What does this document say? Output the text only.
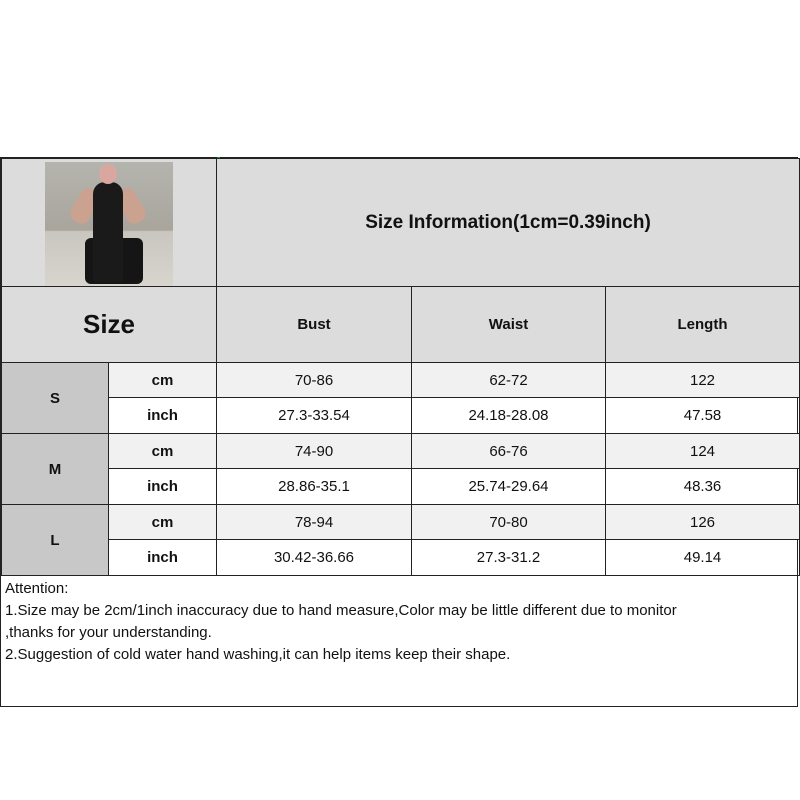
		Size Information(1cm=0.39inch)		
Size		Bust	Waist	Length
S	cm	70-86	62-72	122
	inch	27.3-33.54	24.18-28.08	47.58
M	cm	74-90	66-76	124
	inch	28.86-35.1	25.74-29.64	48.36
L	cm	78-94	70-80	126
	inch	30.42-36.66	27.3-31.2	49.14
Attention:
1.Size may be 2cm/1inch inaccuracy due to hand measure,Color may be little different due to monitor
,thanks for your understanding.
2.Suggestion of cold water hand washing,it can help items keep their shape.
